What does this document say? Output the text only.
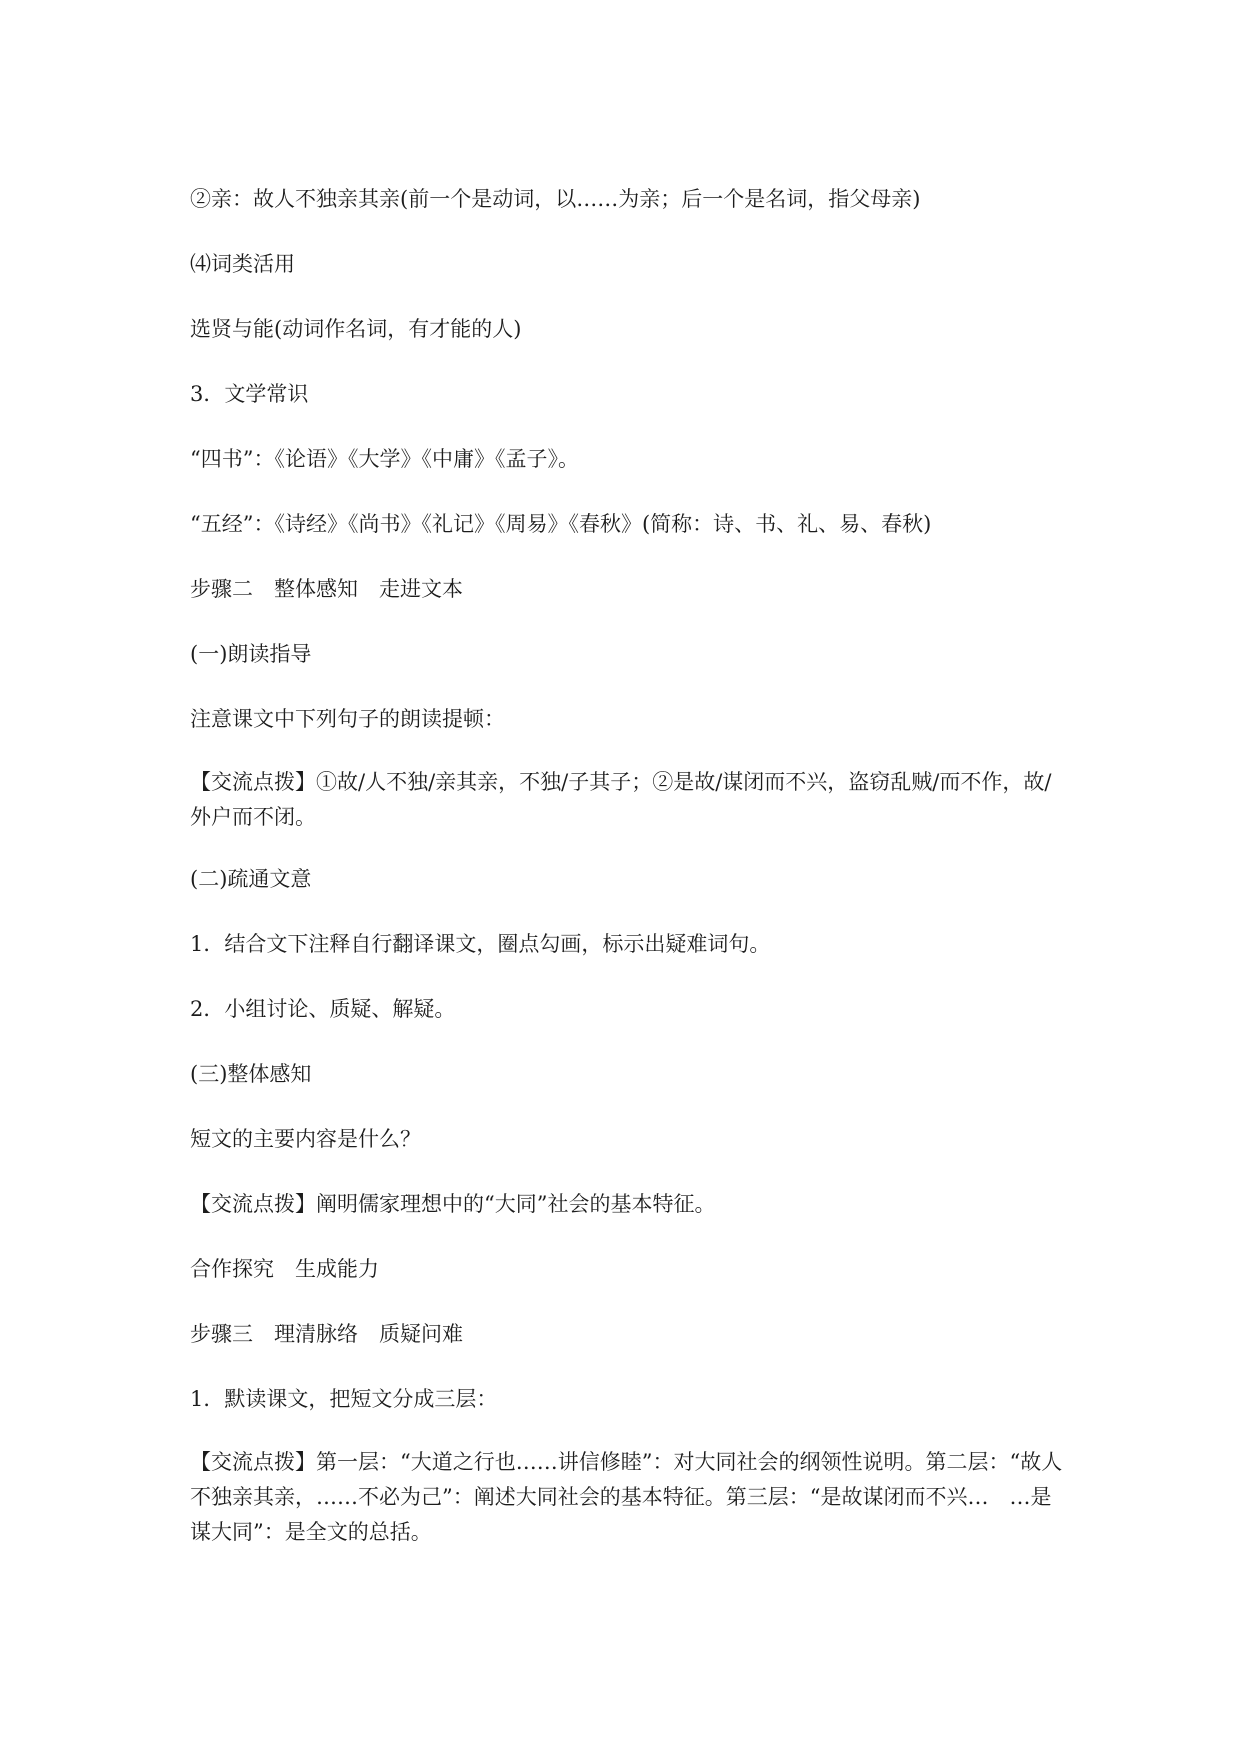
②亲：故人不独亲其亲(前一个是动词，以……为亲；后一个是名词，指父母亲)

⑷词类活用

选贤与能(动词作名词，有才能的人)

3．文学常识

“四书”：《论语》《大学》《中庸》《孟子》。

“五经”：《诗经》《尚书》《礼记》《周易》《春秋》(简称：诗、书、礼、易、春秋)

步骤二　整体感知　走进文本

(一)朗读指导

注意课文中下列句子的朗读提顿：

【交流点拨】①故/人不独/亲其亲，不独/子其子；②是故/谋闭而不兴，盗窃乱贼/而不作，故/外户而不闭。

(二)疏通文意

1．结合文下注释自行翻译课文，圈点勾画，标示出疑难词句。

2．小组讨论、质疑、解疑。

(三)整体感知

短文的主要内容是什么？

【交流点拨】阐明儒家理想中的“大同”社会的基本特征。

合作探究　生成能力

步骤三　理清脉络　质疑问难

1．默读课文，把短文分成三层：

【交流点拨】第一层：“大道之行也……讲信修睦”：对大同社会的纲领性说明。第二层：“故人不独亲其亲，……不必为己”：阐述大同社会的基本特征。第三层：“是故谋闭而不兴…　…是谋大同”：是全文的总括。
